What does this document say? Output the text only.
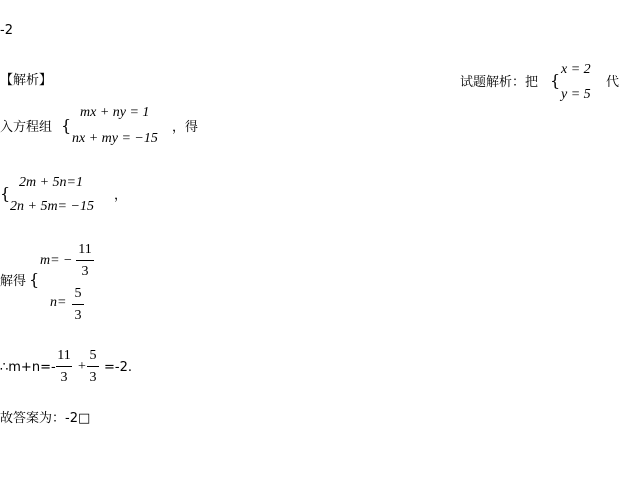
-2
【解析】	试题解析：把 {
x = 2
y = 5
代
入方程组 {
mx + ny = 1
nx + my = −15
，得
{
2m + 5n=1
2n + 5m= −15
，
m= −
11
3
解得 {
n=
5
3
∴m+n=-
11
3
+
5
3
=-2.
故答案为：-2□
